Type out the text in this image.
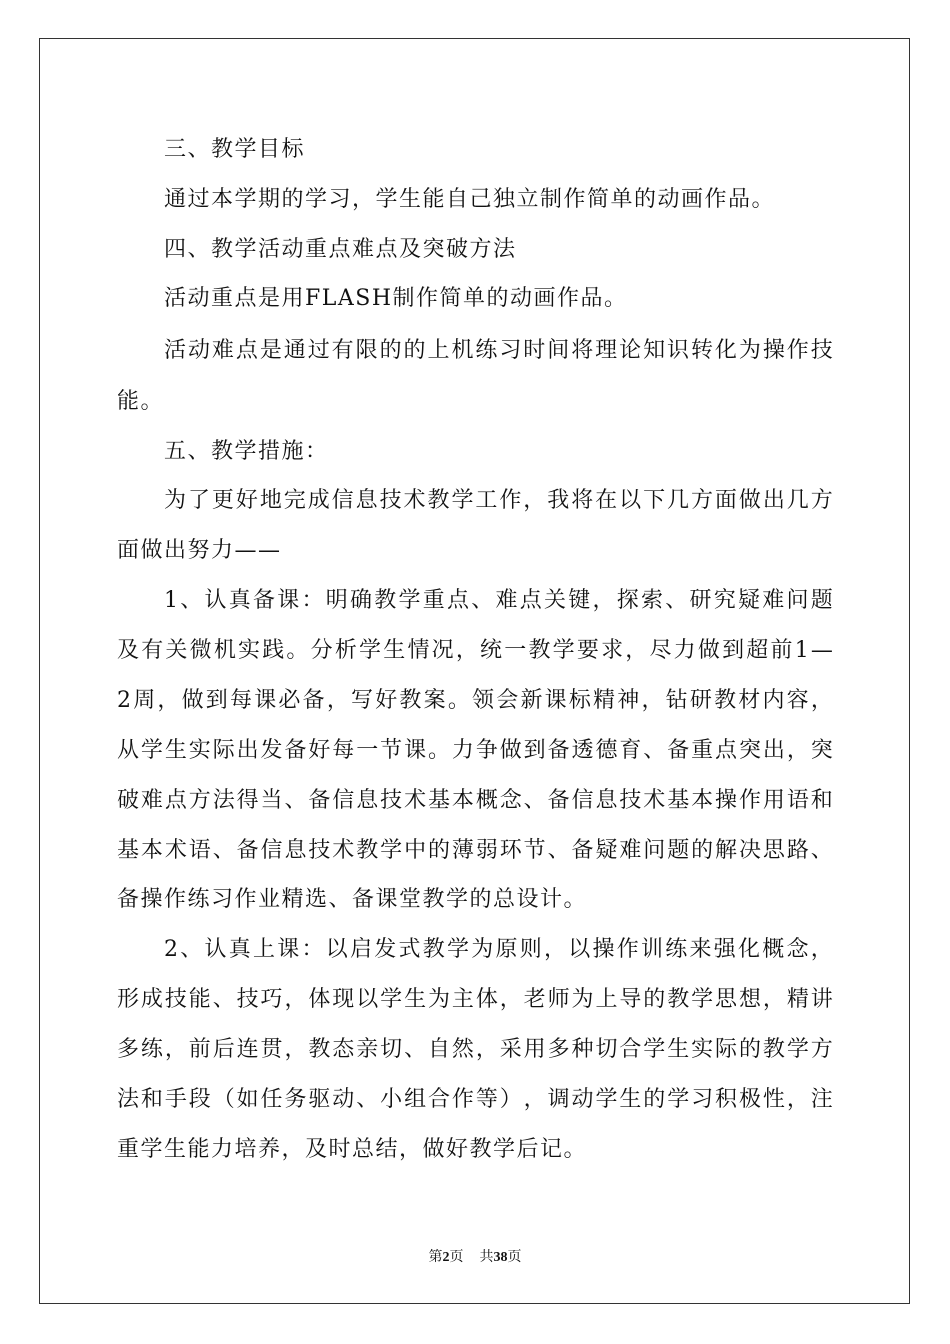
三、教学目标
通过本学期的学习，学生能自己独立制作简单的动画作品。
四、教学活动重点难点及突破方法
活动重点是用FLASH制作简单的动画作品。
活 动 难 点 是 通 过 有 限 的 的 上 机 练 习 时 间 将 理 论 知 识 转 化 为 操 作 技
能。
五、教学措施：
为 了 更 好 地 完 成 信 息 技 术 教 学 工 作 ， 我 将 在 以 下 几 方 面 做 出 几 方
面做出努力——
1 、 认 真 备 课 ： 明 确 教 学 重 点 、 难 点 关 键 ， 探 索 、 研 究 疑 难 问 题
及 有 关 微 机 实 践 。 分 析 学 生 情 况 ， 统 一 教 学 要 求 ， 尽 力 做 到 超 前 1 —
2 周 ， 做 到 每 课 必 备 ， 写 好 教 案 。 领 会 新 课 标 精 神 ， 钻 研 教 材 内 容 ，
从 学 生 实 际 出 发 备 好 每 一 节 课 。 力 争 做 到 备 透 德 育 、 备 重 点 突 出 ， 突
破 难 点 方 法 得 当 、 备 信 息 技 术 基 本 概 念 、 备 信 息 技 术 基 本 操 作 用 语 和
基 本 术 语 、 备 信 息 技 术 教 学 中 的 薄 弱 环 节 、 备 疑 难 问 题 的 解 决 思 路 、
备操作练习作业精选、备课堂教学的总设计。
2 、 认 真 上 课 ： 以 启 发 式 教 学 为 原 则 ， 以 操 作 训 练 来 强 化 概 念 ，
形 成 技 能 、 技 巧 ， 体 现 以 学 生 为 主 体 ， 老 师 为 上 导 的 教 学 思 想 ， 精 讲
多 练 ， 前 后 连 贯 ， 教 态 亲 切 、 自 然 ， 采 用 多 种 切 合 学 生 实 际 的 教 学 方
法 和 手 段 （ 如 任 务 驱 动 、 小 组 合 作 等 ） ， 调 动 学 生 的 学 习 积 极 性 ， 注
重学生能力培养，及时总结，做好教学后记。
第2页 共38页
